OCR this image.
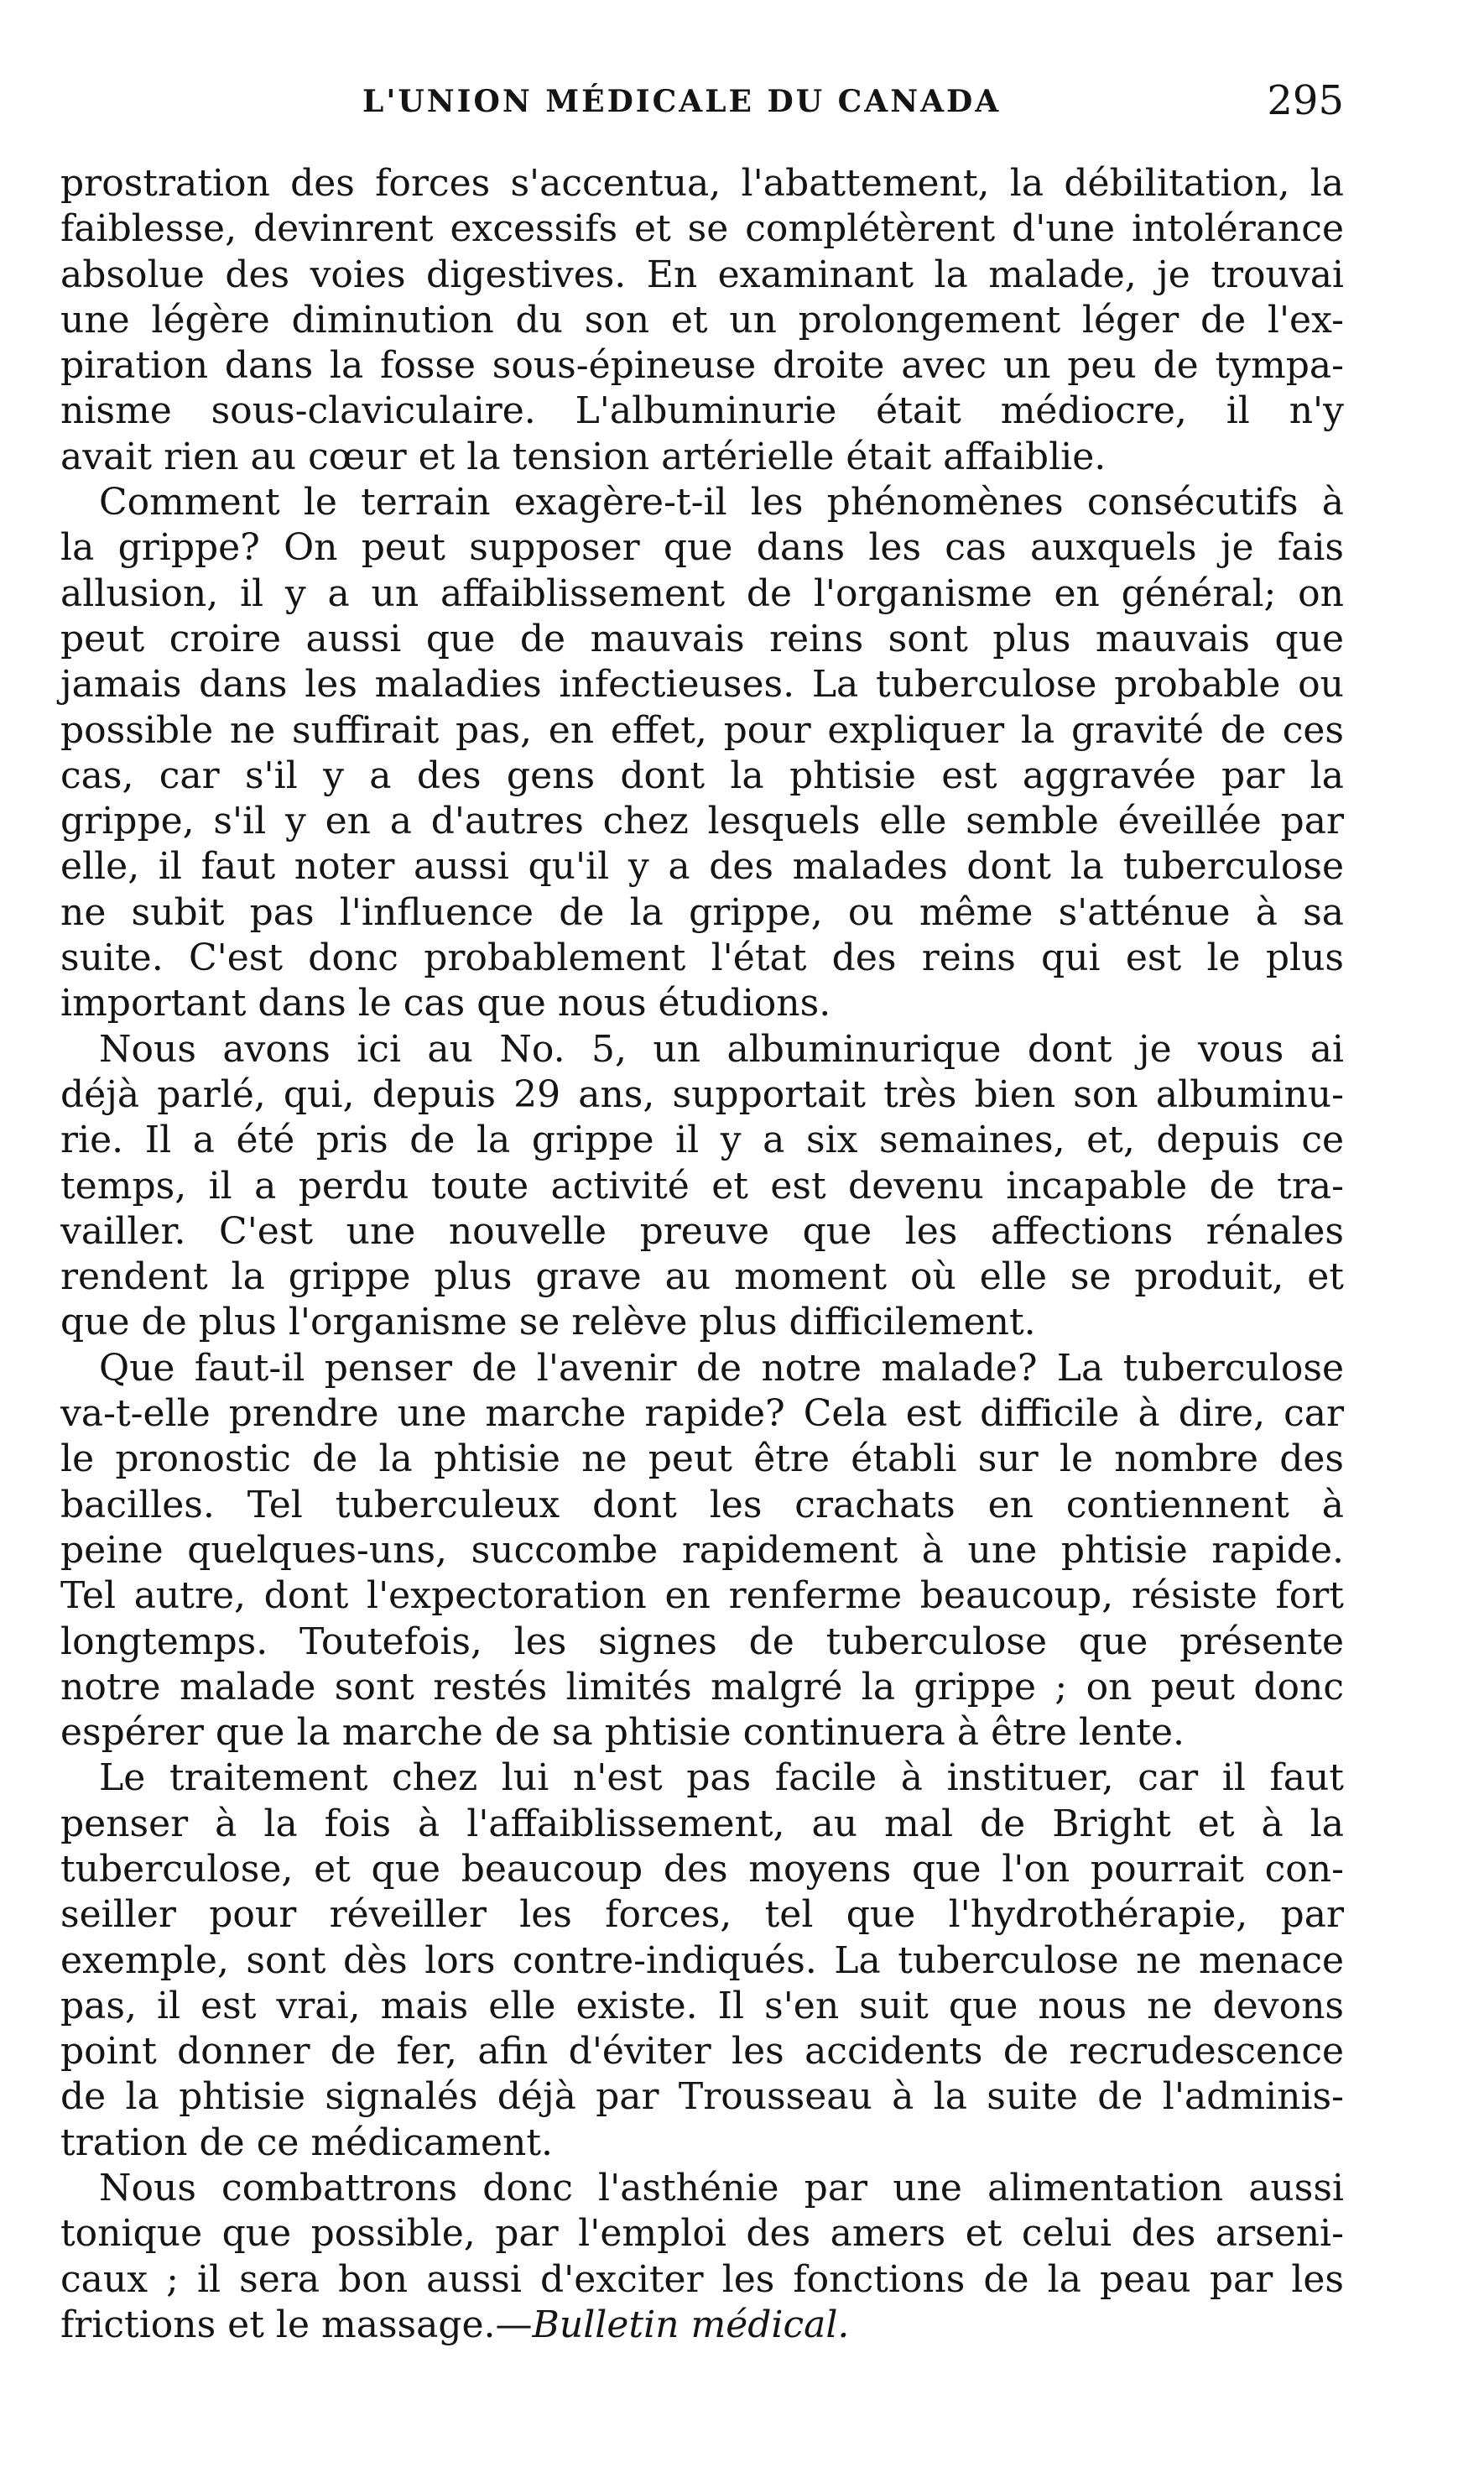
L'UNION MÉDICALE DU CANADA	295
prostration des forces s'accentua, l'abattement, la débilitation, la
faiblesse, devinrent excessifs et se complétèrent d'une intolérance
absolue des voies digestives. En examinant la malade, je trouvai
une légère diminution du son et un prolongement léger de l'ex-
piration dans la fosse sous-épineuse droite avec un peu de tympa-
nisme sous-claviculaire. L'albuminurie était médiocre, il n'y
avait rien au cœur et la tension artérielle était affaiblie.
Comment le terrain exagère-t-il les phénomènes consécutifs à
la grippe? On peut supposer que dans les cas auxquels je fais
allusion, il y a un affaiblissement de l'organisme en général; on
peut croire aussi que de mauvais reins sont plus mauvais que
jamais dans les maladies infectieuses. La tuberculose probable ou
possible ne suffirait pas, en effet, pour expliquer la gravité de ces
cas, car s'il y a des gens dont la phtisie est aggravée par la
grippe, s'il y en a d'autres chez lesquels elle semble éveillée par
elle, il faut noter aussi qu'il y a des malades dont la tuberculose
ne subit pas l'influence de la grippe, ou même s'atténue à sa
suite. C'est donc probablement l'état des reins qui est le plus
important dans le cas que nous étudions.
Nous avons ici au No. 5, un albuminurique dont je vous ai
déjà parlé, qui, depuis 29 ans, supportait très bien son albuminu-
rie. Il a été pris de la grippe il y a six semaines, et, depuis ce
temps, il a perdu toute activité et est devenu incapable de tra-
vailler. C'est une nouvelle preuve que les affections rénales
rendent la grippe plus grave au moment où elle se produit, et
que de plus l'organisme se relève plus difficilement.
Que faut-il penser de l'avenir de notre malade? La tuberculose
va-t-elle prendre une marche rapide? Cela est difficile à dire, car
le pronostic de la phtisie ne peut être établi sur le nombre des
bacilles. Tel tuberculeux dont les crachats en contiennent à
peine quelques-uns, succombe rapidement à une phtisie rapide.
Tel autre, dont l'expectoration en renferme beaucoup, résiste fort
longtemps. Toutefois, les signes de tuberculose que présente
notre malade sont restés limités malgré la grippe ; on peut donc
espérer que la marche de sa phtisie continuera à être lente.
Le traitement chez lui n'est pas facile à instituer, car il faut
penser à la fois à l'affaiblissement, au mal de Bright et à la
tuberculose, et que beaucoup des moyens que l'on pourrait con-
seiller pour réveiller les forces, tel que l'hydrothérapie, par
exemple, sont dès lors contre-indiqués. La tuberculose ne menace
pas, il est vrai, mais elle existe. Il s'en suit que nous ne devons
point donner de fer, afin d'éviter les accidents de recrudescence
de la phtisie signalés déjà par Trousseau à la suite de l'adminis-
tration de ce médicament.
Nous combattrons donc l'asthénie par une alimentation aussi
tonique que possible, par l'emploi des amers et celui des arseni-
caux ; il sera bon aussi d'exciter les fonctions de la peau par les
frictions et le massage.—Bulletin médical.
